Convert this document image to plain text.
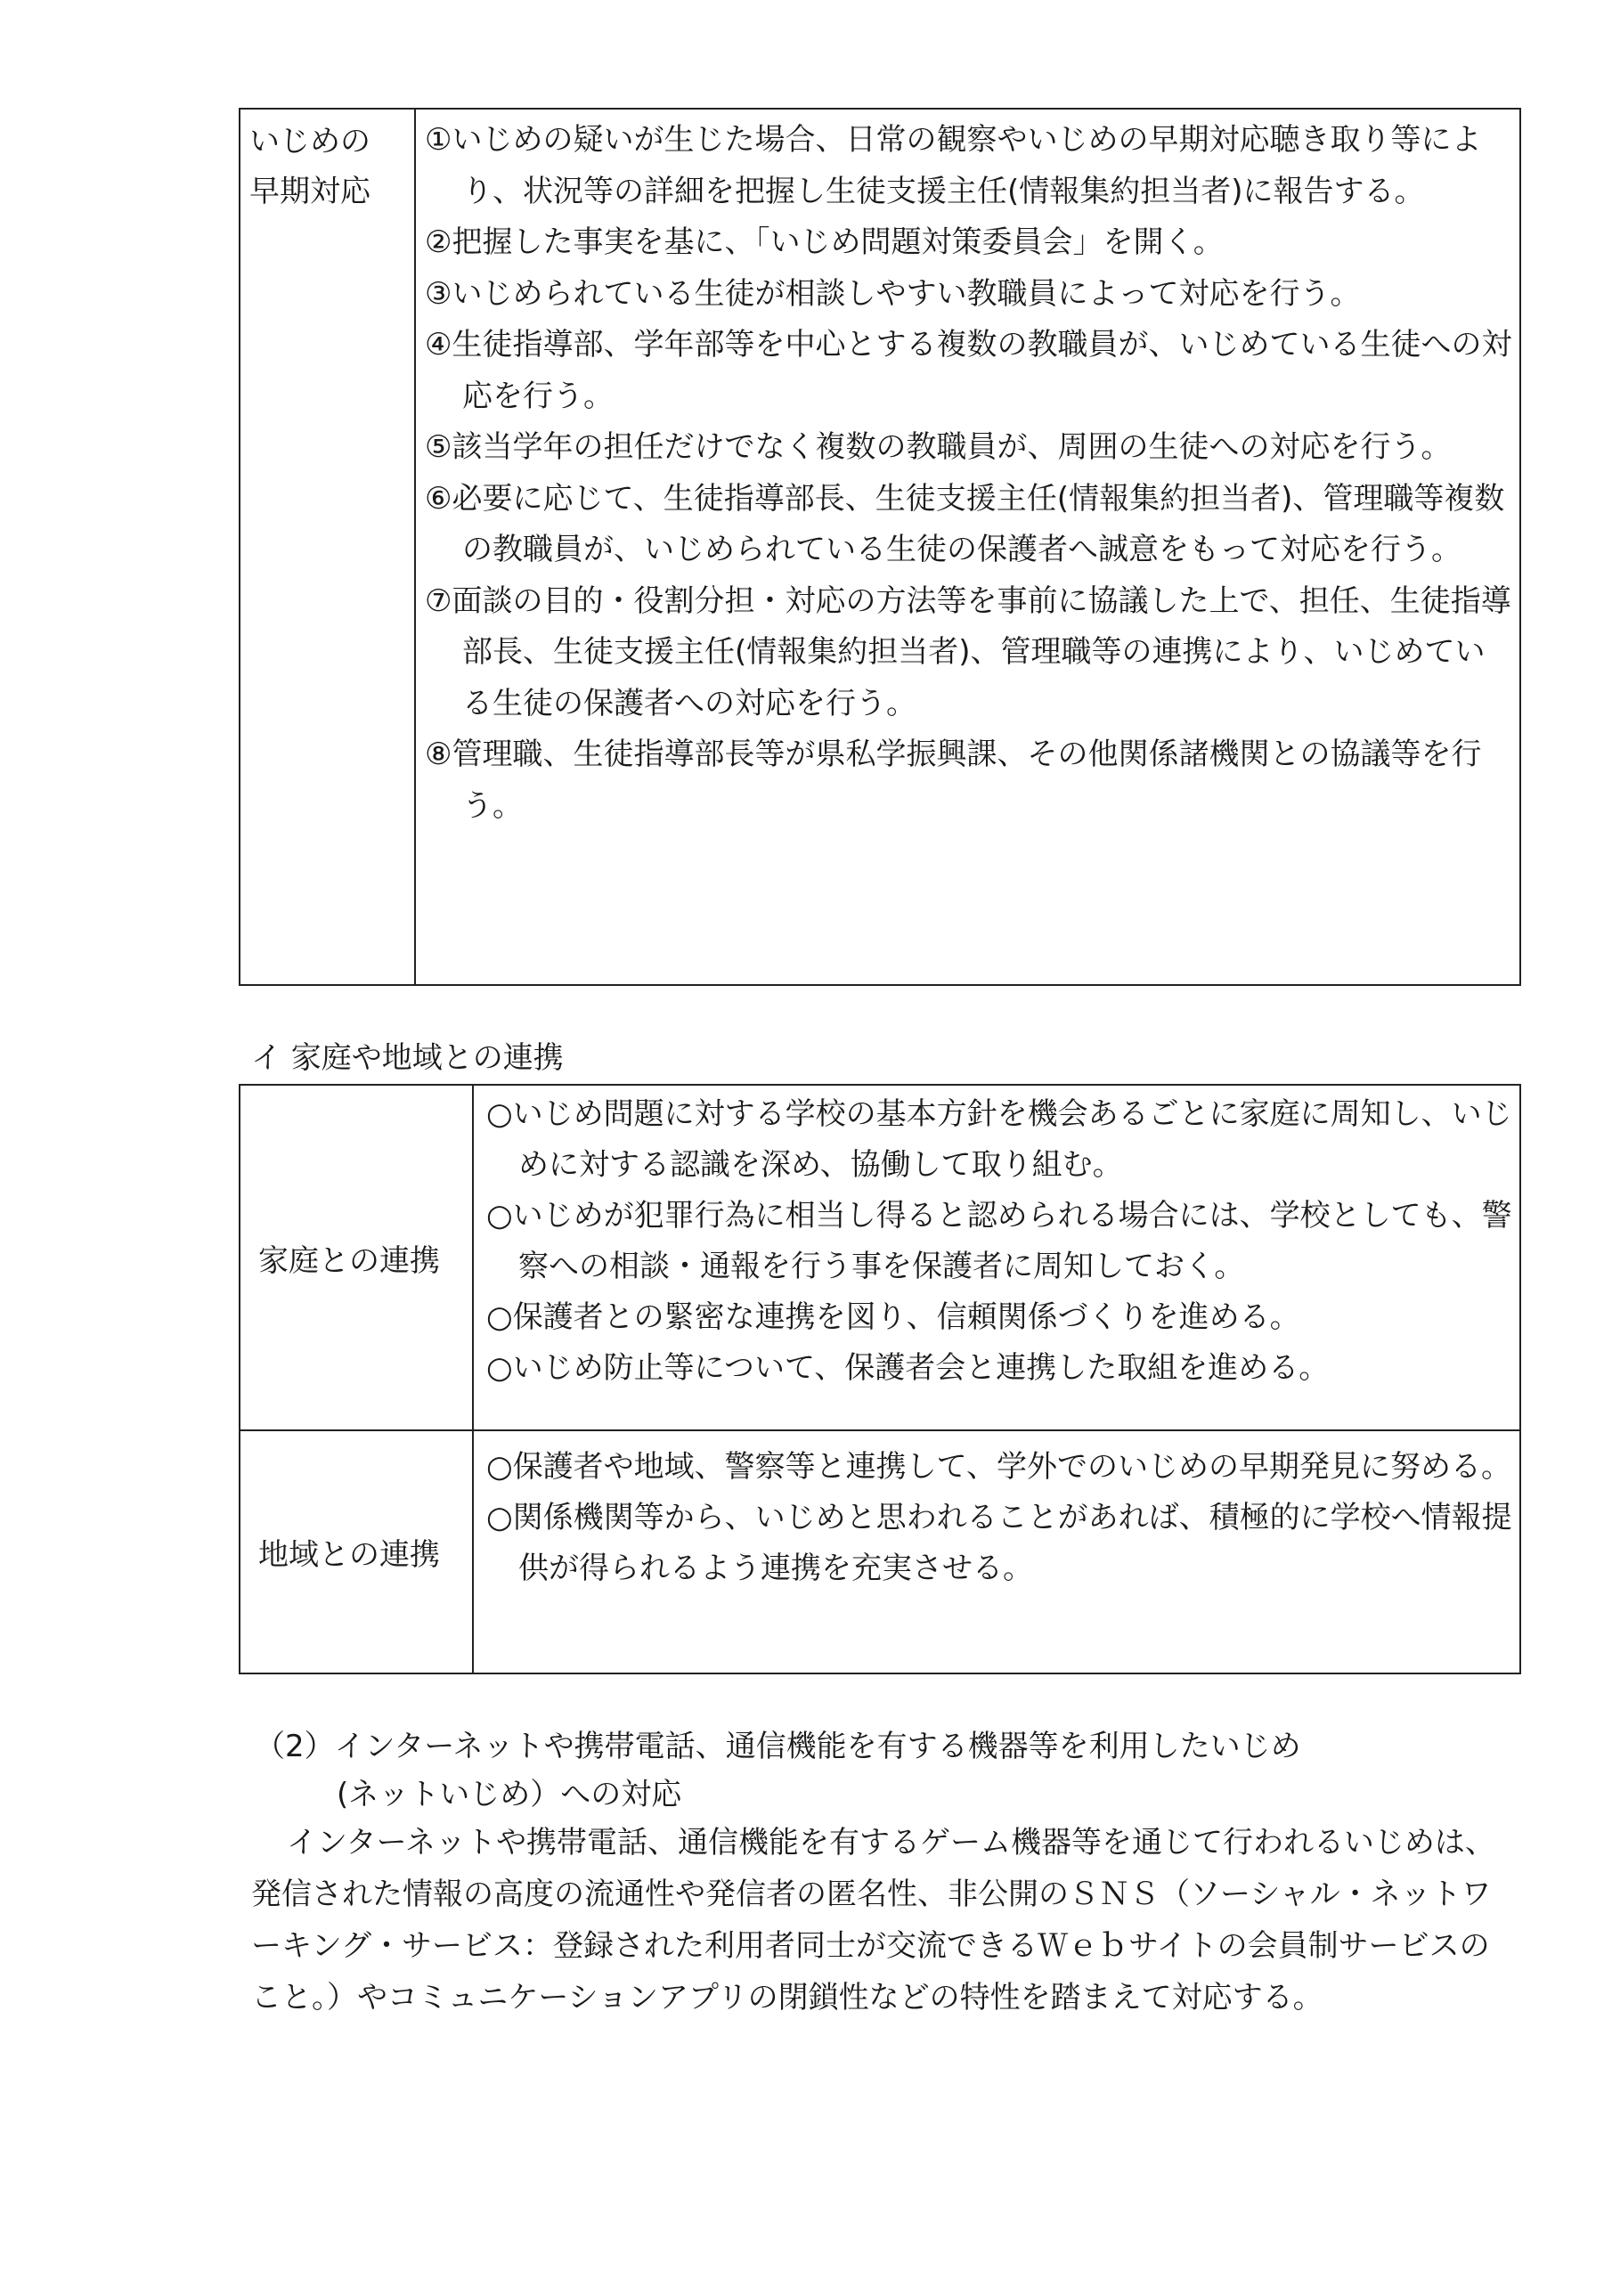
いじめの
早期対応
①いじめの疑いが生じた場合、日常の観察やいじめの早期対応聴き取り等により、状況等の詳細を把握し生徒支援主任(情報集約担当者)に報告する。
②把握した事実を基に、「いじめ問題対策委員会」を開く。
③いじめられている生徒が相談しやすい教職員によって対応を行う。
④生徒指導部、学年部等を中心とする複数の教職員が、いじめている生徒への対応を行う。
⑤該当学年の担任だけでなく複数の教職員が、周囲の生徒への対応を行う。
⑥必要に応じて、生徒指導部長、生徒支援主任(情報集約担当者)、管理職等複数の教職員が、いじめられている生徒の保護者へ誠意をもって対応を行う。
⑦面談の目的・役割分担・対応の方法等を事前に協議した上で、担任、生徒指導部長、生徒支援主任(情報集約担当者)、管理職等の連携により、いじめている生徒の保護者への対応を行う。
⑧管理職、生徒指導部長等が県私学振興課、その他関係諸機関との協議等を行う。
イ 家庭や地域との連携
家庭との連携
○いじめ問題に対する学校の基本方針を機会あるごとに家庭に周知し、いじめに対する認識を深め、協働して取り組む。
○いじめが犯罪行為に相当し得ると認められる場合には、学校としても、警察への相談・通報を行う事を保護者に周知しておく。
○保護者との緊密な連携を図り、信頼関係づくりを進める。
○いじめ防止等について、保護者会と連携した取組を進める。
地域との連携
○保護者や地域、警察等と連携して、学外でのいじめの早期発見に努める。
○関係機関等から、いじめと思われることがあれば、積極的に学校へ情報提供が得られるよう連携を充実させる。
（2）インターネットや携帯電話、通信機能を有する機器等を利用したいじめ
(ネットいじめ）への対応
インターネットや携帯電話、通信機能を有するゲーム機器等を通じて行われるいじめは、発信された情報の高度の流通性や発信者の匿名性、非公開のＳＮＳ（ソーシャル・ネットワーキング・サービス：登録された利用者同士が交流できるＷｅｂサイトの会員制サービスのこと。）やコミュニケーションアプリの閉鎖性などの特性を踏まえて対応する。
